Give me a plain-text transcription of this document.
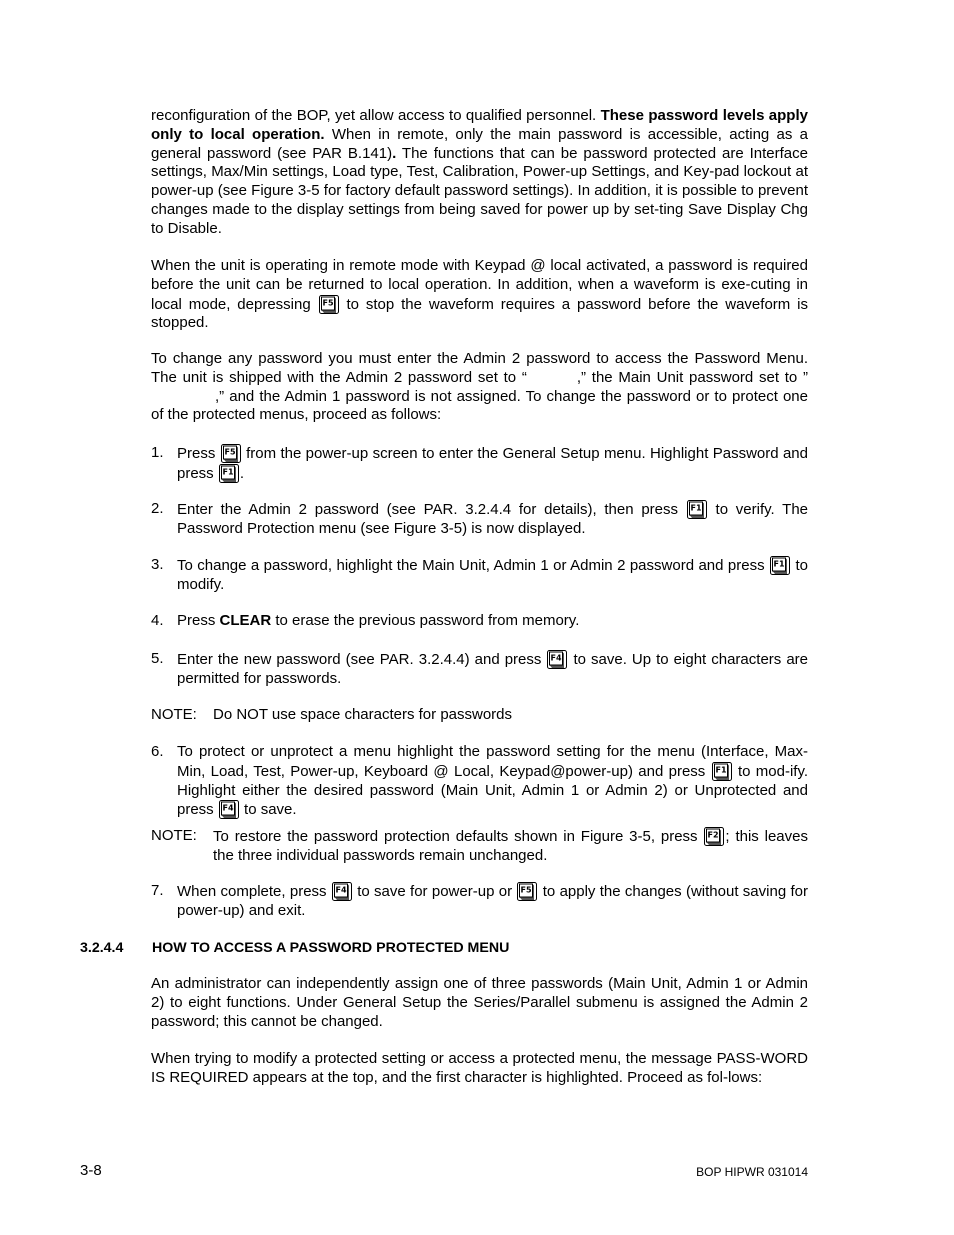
reconfiguration of the BOP, yet allow access to qualified personnel. These password levels apply only to local operation. When in remote, only the main password is accessible, acting as a general password (see PAR B.141). The functions that can be password protected are Interface settings, Max/Min settings, Load type, Test, Calibration, Power-up Settings, and Key-pad lockout at power-up (see Figure 3-5 for factory default password settings). In addition, it is possible to prevent changes made to the display settings from being saved for power up by set-ting Save Display Chg to Disable.
When the unit is operating in remote mode with Keypad @ local activated, a password is required before the unit can be returned to local operation. In addition, when a waveform is exe-cuting in local mode, depressing F5 to stop the waveform requires a password before the waveform is stopped.
To change any password you must enter the Admin 2 password to access the Password Menu. The unit is shipped with the Admin 2 password set to “	,” the Main Unit password set to ”,” and the Admin 1 password is not assigned. To change the password or to protect one of the protected menus, proceed as follows:
1. Press F5 from the power-up screen to enter the General Setup menu. Highlight Password and press F1 .
2. Enter the Admin 2 password (see PAR. 3.2.4.4 for details), then press F1 to verify. The Password Protection menu (see Figure 3-5) is now displayed.
3. To change a password, highlight the Main Unit, Admin 1 or Admin 2 password and press F1 to modify.
4. Press CLEAR to erase the previous password from memory.
5. Enter the new password (see PAR. 3.2.4.4) and press F4 to save. Up to eight characters are permitted for passwords.
NOTE: Do NOT use space characters for passwords
6. To protect or unprotect a menu highlight the password setting for the menu (Interface, Max-Min, Load, Test, Power-up, Keyboard @ Local, Keypad@power-up) and press F1 to mod-ify. Highlight either the desired password (Main Unit, Admin 1 or Admin 2) or Unprotected and press F4 to save.
NOTE: To restore the password protection defaults shown in Figure 3-5, press F2 ; this leaves the three individual passwords remain unchanged.
7. When complete, press F4 to save for power-up or F5 to apply the changes (without saving for power-up) and exit.
3.2.4.4 HOW TO ACCESS A PASSWORD PROTECTED MENU
An administrator can independently assign one of three passwords (Main Unit, Admin 1 or Admin 2) to eight functions. Under General Setup the Series/Parallel submenu is assigned the Admin 2 password; this cannot be changed.
When trying to modify a protected setting or access a protected menu, the message PASS-WORD IS REQUIRED appears at the top, and the first character is highlighted. Proceed as fol-lows:
3-8	BOP HIPWR 031014
